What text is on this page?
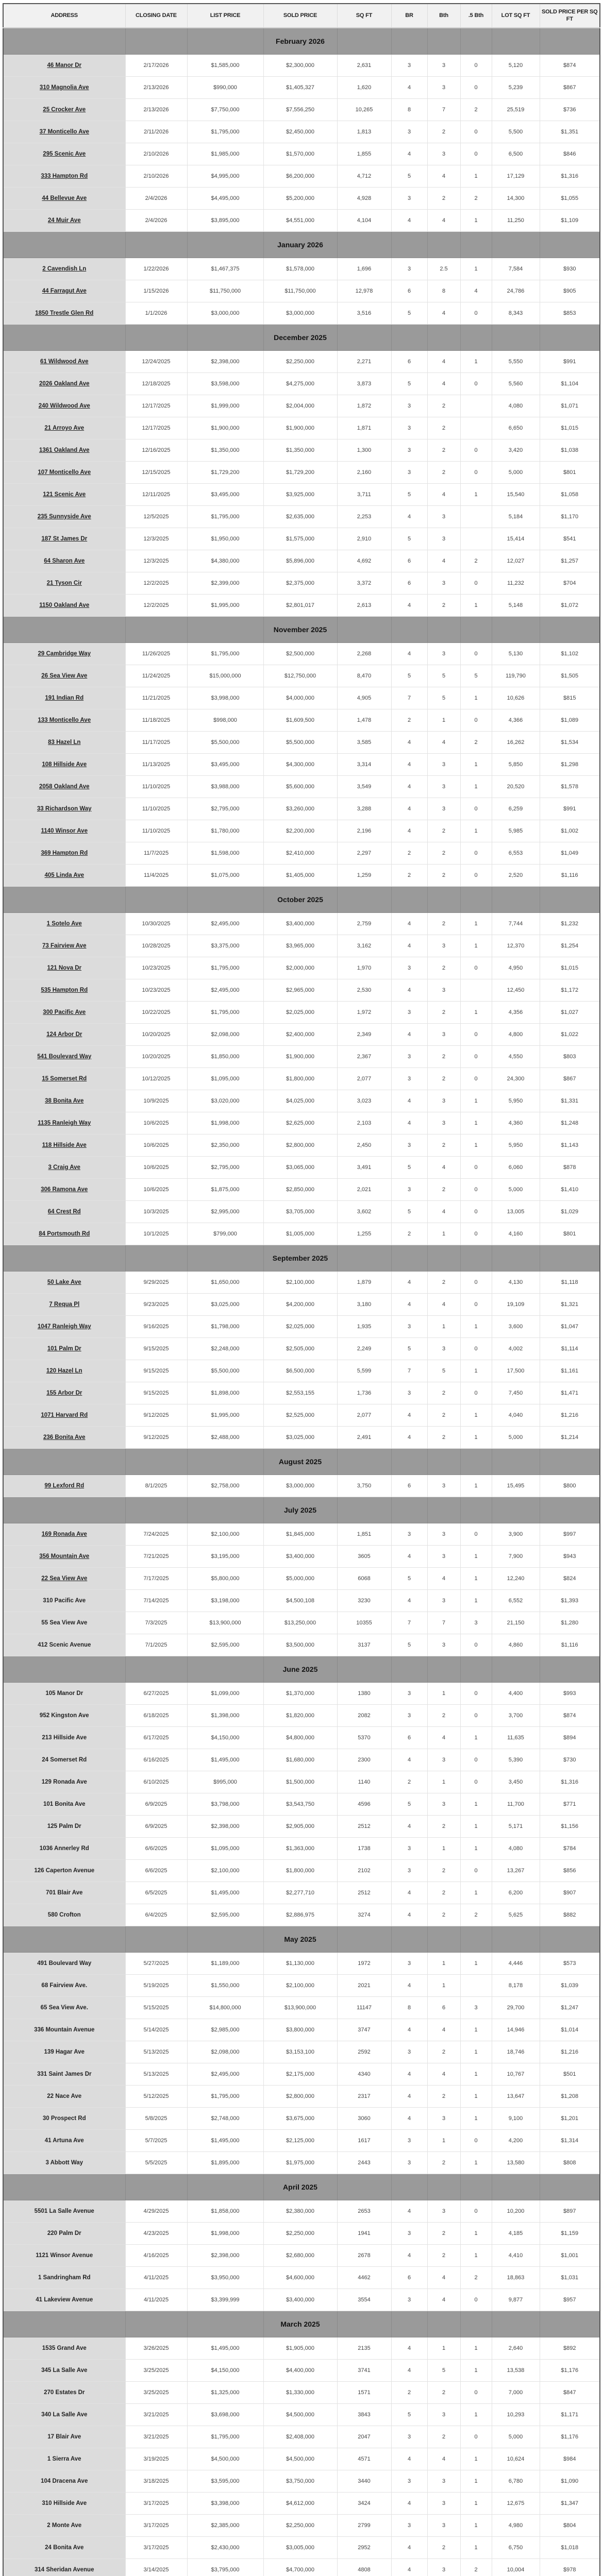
ADDRESS	CLOSING DATE	LIST PRICE	SOLD PRICE	SQ FT	BR	Bth	.5 Bth	LOT SQ FT	SOLD PRICE PER SQ FT
			February 2026						
46 Manor Dr	2/17/2026	$1,585,000	$2,300,000	2,631	3	3	0	5,120	$874
310 Magnolia Ave	2/13/2026	$990,000	$1,405,327	1,620	4	3	0	5,239	$867
25 Crocker Ave	2/13/2026	$7,750,000	$7,556,250	10,265	8	7	2	25,519	$736
37 Monticello Ave	2/11/2026	$1,795,000	$2,450,000	1,813	3	2	0	5,500	$1,351
295 Scenic Ave	2/10/2026	$1,985,000	$1,570,000	1,855	4	3	0	6,500	$846
333 Hampton Rd	2/10/2026	$4,995,000	$6,200,000	4,712	5	4	1	17,129	$1,316
44 Bellevue Ave	2/4/2026	$4,495,000	$5,200,000	4,928	3	2	2	14,300	$1,055
24 Muir Ave	2/4/2026	$3,895,000	$4,551,000	4,104	4	4	1	11,250	$1,109
			January 2026						
2 Cavendish Ln	1/22/2026	$1,467,375	$1,578,000	1,696	3	2.5	1	7,584	$930
44 Farragut Ave	1/15/2026	$11,750,000	$11,750,000	12,978	6	8	4	24,786	$905
1850 Trestle Glen Rd	1/1/2026	$3,000,000	$3,000,000	3,516	5	4	0	8,343	$853
			December 2025						
61 Wildwood Ave	12/24/2025	$2,398,000	$2,250,000	2,271	6	4	1	5,550	$991
2026 Oakland Ave	12/18/2025	$3,598,000	$4,275,000	3,873	5	4	0	5,560	$1,104
240 Wildwood Ave	12/17/2025	$1,999,000	$2,004,000	1,872	3	2		4,080	$1,071
21 Arroyo Ave	12/17/2025	$1,900,000	$1,900,000	1,871	3	2		6,650	$1,015
1361 Oakland Ave	12/16/2025	$1,350,000	$1,350,000	1,300	3	2	0	3,420	$1,038
107 Monticello Ave	12/15/2025	$1,729,200	$1,729,200	2,160	3	2	0	5,000	$801
121 Scenic Ave	12/11/2025	$3,495,000	$3,925,000	3,711	5	4	1	15,540	$1,058
235 Sunnyside Ave	12/5/2025	$1,795,000	$2,635,000	2,253	4	3		5,184	$1,170
187 St James Dr	12/3/2025	$1,950,000	$1,575,000	2,910	5	3		15,414	$541
64 Sharon Ave	12/3/2025	$4,380,000	$5,896,000	4,692	6	4	2	12,027	$1,257
21 Tyson Cir	12/2/2025	$2,399,000	$2,375,000	3,372	6	3	0	11,232	$704
1150 Oakland Ave	12/2/2025	$1,995,000	$2,801,017	2,613	4	2	1	5,148	$1,072
			November 2025						
29 Cambridge Way	11/26/2025	$1,795,000	$2,500,000	2,268	4	3	0	5,130	$1,102
26 Sea View Ave	11/24/2025	$15,000,000	$12,750,000	8,470	5	5	5	119,790	$1,505
191 Indian Rd	11/21/2025	$3,998,000	$4,000,000	4,905	7	5	1	10,626	$815
133 Monticello Ave	11/18/2025	$998,000	$1,609,500	1,478	2	1	0	4,366	$1,089
83 Hazel Ln	11/17/2025	$5,500,000	$5,500,000	3,585	4	4	2	16,262	$1,534
108 Hillside Ave	11/13/2025	$3,495,000	$4,300,000	3,314	4	3	1	5,850	$1,298
2058 Oakland Ave	11/10/2025	$3,988,000	$5,600,000	3,549	4	3	1	20,520	$1,578
33 Richardson Way	11/10/2025	$2,795,000	$3,260,000	3,288	4	3	0	6,259	$991
1140 Winsor Ave	11/10/2025	$1,780,000	$2,200,000	2,196	4	2	1	5,985	$1,002
369 Hampton Rd	11/7/2025	$1,598,000	$2,410,000	2,297	2	2	0	6,553	$1,049
405 Linda Ave	11/4/2025	$1,075,000	$1,405,000	1,259	2	2	0	2,520	$1,116
			October 2025						
1 Sotelo Ave	10/30/2025	$2,495,000	$3,400,000	2,759	4	2	1	7,744	$1,232
73 Fairview Ave	10/28/2025	$3,375,000	$3,965,000	3,162	4	3	1	12,370	$1,254
121 Nova Dr	10/23/2025	$1,795,000	$2,000,000	1,970	3	2	0	4,950	$1,015
535 Hampton Rd	10/23/2025	$2,495,000	$2,965,000	2,530	4	3		12,450	$1,172
300 Pacific Ave	10/22/2025	$1,795,000	$2,025,000	1,972	3	2	1	4,356	$1,027
124 Arbor Dr	10/20/2025	$2,098,000	$2,400,000	2,349	4	3	0	4,800	$1,022
541 Boulevard Way	10/20/2025	$1,850,000	$1,900,000	2,367	3	2	0	4,550	$803
15 Somerset Rd	10/12/2025	$1,095,000	$1,800,000	2,077	3	2	0	24,300	$867
38 Bonita Ave	10/9/2025	$3,020,000	$4,025,000	3,023	4	3	1	5,950	$1,331
1135 Ranleigh Way	10/6/2025	$1,998,000	$2,625,000	2,103	4	3	1	4,360	$1,248
118 Hillside Ave	10/6/2025	$2,350,000	$2,800,000	2,450	3	2	1	5,950	$1,143
3 Craig Ave	10/6/2025	$2,795,000	$3,065,000	3,491	5	4	0	6,060	$878
306 Ramona Ave	10/6/2025	$1,875,000	$2,850,000	2,021	3	2	0	5,000	$1,410
64 Crest Rd	10/3/2025	$2,995,000	$3,705,000	3,602	5	4	0	13,005	$1,029
84 Portsmouth Rd	10/1/2025	$799,000	$1,005,000	1,255	2	1	0	4,160	$801
			September 2025						
50 Lake Ave	9/29/2025	$1,650,000	$2,100,000	1,879	4	2	0	4,130	$1,118
7 Requa Pl	9/23/2025	$3,025,000	$4,200,000	3,180	4	4	0	19,109	$1,321
1047 Ranleigh Way	9/16/2025	$1,798,000	$2,025,000	1,935	3	1	1	3,600	$1,047
101 Palm Dr	9/15/2025	$2,248,000	$2,505,000	2,249	5	3	0	4,002	$1,114
120 Hazel Ln	9/15/2025	$5,500,000	$6,500,000	5,599	7	5	1	17,500	$1,161
155 Arbor Dr	9/15/2025	$1,898,000	$2,553,155	1,736	3	2	0	7,450	$1,471
1071 Harvard Rd	9/12/2025	$1,995,000	$2,525,000	2,077	4	2	1	4,040	$1,216
236 Bonita Ave	9/12/2025	$2,488,000	$3,025,000	2,491	4	2	1	5,000	$1,214
			August 2025						
99 Lexford Rd	8/1/2025	$2,758,000	$3,000,000	3,750	6	3	1	15,495	$800
			July 2025						
169 Ronada Ave	7/24/2025	$2,100,000	$1,845,000	1,851	3	3	0	3,900	$997
356 Mountain Ave	7/21/2025	$3,195,000	$3,400,000	3605	4	3	1	7,900	$943
22 Sea View Ave	7/17/2025	$5,800,000	$5,000,000	6068	5	4	1	12,240	$824
310 Pacific Ave	7/14/2025	$3,198,000	$4,500,108	3230	4	3	1	6,552	$1,393
55 Sea View Ave	7/3/2025	$13,900,000	$13,250,000	10355	7	7	3	21,150	$1,280
412 Scenic Avenue	7/1/2025	$2,595,000	$3,500,000	3137	5	3	0	4,860	$1,116
			June 2025						
105 Manor Dr	6/27/2025	$1,099,000	$1,370,000	1380	3	1	0	4,400	$993
952 Kingston Ave	6/18/2025	$1,398,000	$1,820,000	2082	3	2	0	3,700	$874
213 Hillside Ave	6/17/2025	$4,150,000	$4,800,000	5370	6	4	1	11,635	$894
24 Somerset Rd	6/16/2025	$1,495,000	$1,680,000	2300	4	3	0	5,390	$730
129 Ronada Ave	6/10/2025	$995,000	$1,500,000	1140	2	1	0	3,450	$1,316
101 Bonita Ave	6/9/2025	$3,798,000	$3,543,750	4596	5	3	1	11,700	$771
125 Palm Dr	6/9/2025	$2,398,000	$2,905,000	2512	4	2	1	5,171	$1,156
1036 Annerley Rd	6/6/2025	$1,095,000	$1,363,000	1738	3	1	1	4,080	$784
126 Caperton Avenue	6/6/2025	$2,100,000	$1,800,000	2102	3	2	0	13,267	$856
701 Blair Ave	6/5/2025	$1,495,000	$2,277,710	2512	4	2	1	6,200	$907
580 Crofton	6/4/2025	$2,595,000	$2,886,975	3274	4	2	2	5,625	$882
			May 2025						
491 Boulevard Way	5/27/2025	$1,189,000	$1,130,000	1972	3	1	1	4,446	$573
68 Fairview Ave.	5/19/2025	$1,550,000	$2,100,000	2021	4	1		8,178	$1,039
65 Sea View Ave.	5/15/2025	$14,800,000	$13,900,000	11147	8	6	3	29,700	$1,247
336 Mountain Avenue	5/14/2025	$2,985,000	$3,800,000	3747	4	4	1	14,946	$1,014
139 Hagar Ave	5/13/2025	$2,098,000	$3,153,100	2592	3	2	1	18,746	$1,216
331 Saint James Dr	5/13/2025	$2,495,000	$2,175,000	4340	4	4	1	10,767	$501
22 Nace Ave	5/12/2025	$1,795,000	$2,800,000	2317	4	2	1	13,647	$1,208
30 Prospect Rd	5/8/2025	$2,748,000	$3,675,000	3060	4	3	1	9,100	$1,201
41 Artuna Ave	5/7/2025	$1,495,000	$2,125,000	1617	3	1	0	4,200	$1,314
3 Abbott Way	5/5/2025	$1,895,000	$1,975,000	2443	3	2	1	13,580	$808
			April 2025						
5501 La Salle Avenue	4/29/2025	$1,858,000	$2,380,000	2653	4	3	0	10,200	$897
220 Palm Dr	4/23/2025	$1,998,000	$2,250,000	1941	3	2	1	4,185	$1,159
1121 Winsor Avenue	4/16/2025	$2,398,000	$2,680,000	2678	4	2	1	4,410	$1,001
1 Sandringham Rd	4/11/2025	$3,950,000	$4,600,000	4462	6	4	2	18,863	$1,031
41 Lakeview Avenue	4/11/2025	$3,399,999	$3,400,000	3554	3	4	0	9,877	$957
			March 2025						
1535 Grand Ave	3/26/2025	$1,495,000	$1,905,000	2135	4	1	1	2,640	$892
345 La Salle Ave	3/25/2025	$4,150,000	$4,400,000	3741	4	5	1	13,538	$1,176
270 Estates Dr	3/25/2025	$1,325,000	$1,330,000	1571	2	2	0	7,000	$847
340 La Salle Ave	3/21/2025	$3,698,000	$4,500,000	3843	5	3	1	10,293	$1,171
17 Blair Ave	3/21/2025	$1,795,000	$2,408,000	2047	3	2	0	5,000	$1,176
1 Sierra Ave	3/19/2025	$4,500,000	$4,500,000	4571	4	4	1	10,624	$984
104 Dracena Ave	3/18/2025	$3,595,000	$3,750,000	3440	3	3	1	6,780	$1,090
310 Hillside Ave	3/17/2025	$3,398,000	$4,612,000	3424	4	3	1	12,675	$1,347
2 Monte Ave	3/17/2025	$2,385,000	$2,250,000	2799	3	3	1	4,980	$804
24 Bonita Ave	3/17/2025	$2,430,000	$3,005,000	2952	4	2	1	6,750	$1,018
314 Sheridan Avenue	3/14/2025	$3,795,000	$4,700,000	4808	4	3	2	10,004	$978
